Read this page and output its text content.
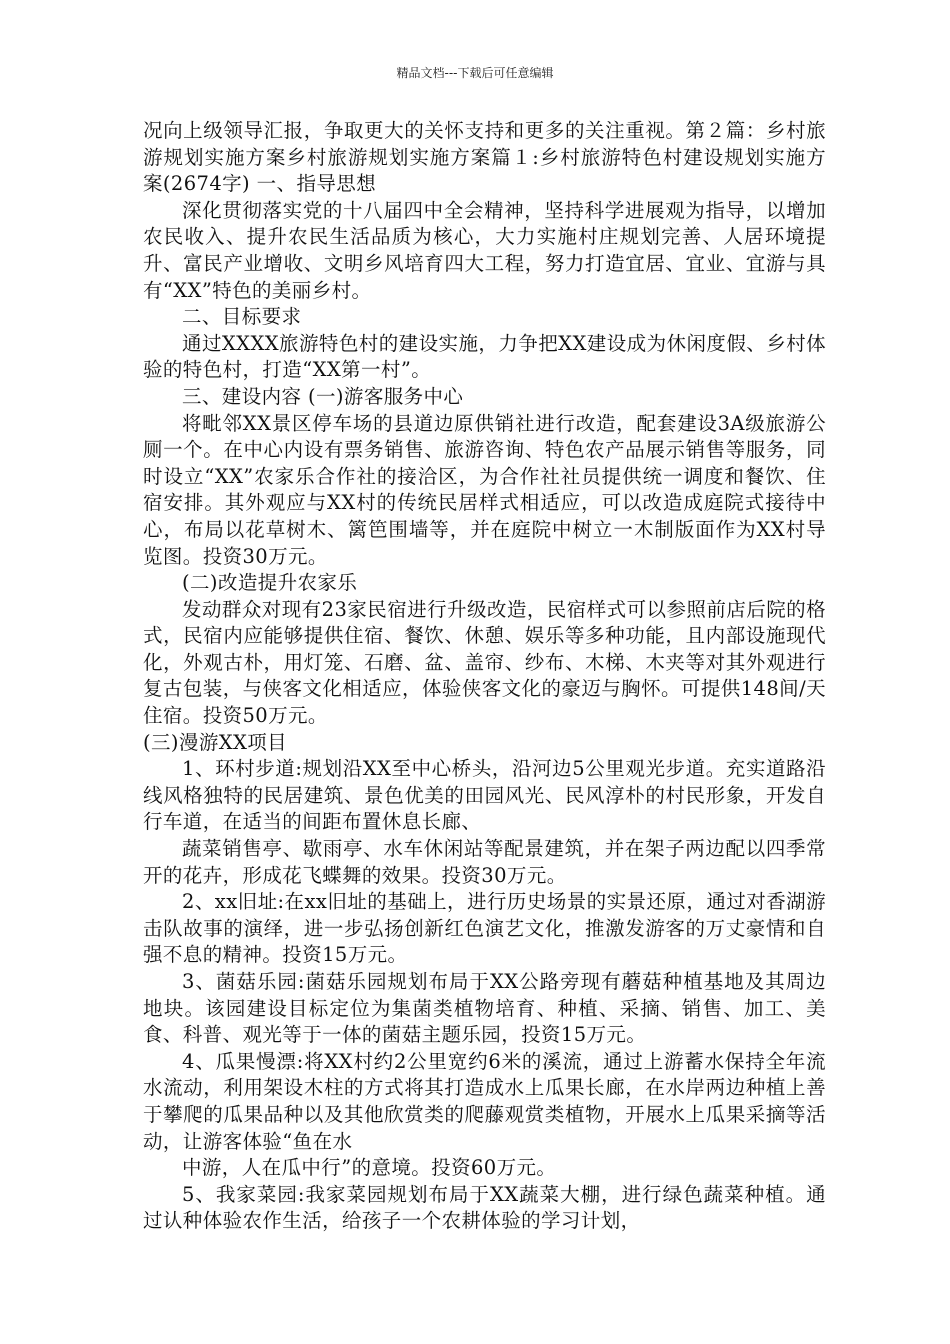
精品文档---下载后可任意编辑

况向上级领导汇报，争取更大的关怀支持和更多的关注重视。第２篇：乡村旅游规划实施方案乡村旅游规划实施方案篇１:乡村旅游特色村建设规划实施方案(2674字) 一、指导思想

深化贯彻落实党的十八届四中全会精神，坚持科学进展观为指导，以增加农民收入、提升农民生活品质为核心，大力实施村庄规划完善、人居环境提升、富民产业增收、文明乡风培育四大工程，努力打造宜居、宜业、宜游与具有“XX”特色的美丽乡村。

二、目标要求

通过XXXX旅游特色村的建设实施，力争把XX建设成为休闲度假、乡村体验的特色村，打造“XX第一村”。

三、建设内容 (一)游客服务中心

将毗邻XX景区停车场的县道边原供销社进行改造，配套建设3A级旅游公厕一个。在中心内设有票务销售、旅游咨询、特色农产品展示销售等服务，同时设立“XX”农家乐合作社的接洽区，为合作社社员提供统一调度和餐饮、住宿安排。其外观应与XX村的传统民居样式相适应，可以改造成庭院式接待中心，布局以花草树木、篱笆围墙等，并在庭院中树立一木制版面作为XX村导览图。投资30万元。

(二)改造提升农家乐

发动群众对现有23家民宿进行升级改造，民宿样式可以参照前店后院的格式，民宿内应能够提供住宿、餐饮、休憩、娱乐等多种功能，且内部设施现代化，外观古朴，用灯笼、石磨、盆、盖帘、纱布、木梯、木夹等对其外观进行复古包装，与侠客文化相适应，体验侠客文化的豪迈与胸怀。可提供148间/天住宿。投资50万元。

(三)漫游XX项目

1、环村步道:规划沿XX至中心桥头，沿河边5公里观光步道。充实道路沿线风格独特的民居建筑、景色优美的田园风光、民风淳朴的村民形象，开发自行车道，在适当的间距布置休息长廊、

蔬菜销售亭、歇雨亭、水车休闲站等配景建筑，并在架子两边配以四季常开的花卉，形成花飞蝶舞的效果。投资30万元。

2、xx旧址:在xx旧址的基础上，进行历史场景的实景还原，通过对香湖游击队故事的演绎，进一步弘扬创新红色演艺文化，推激发游客的万丈豪情和自强不息的精神。投资15万元。

3、菌菇乐园:菌菇乐园规划布局于XX公路旁现有蘑菇种植基地及其周边地块。该园建设目标定位为集菌类植物培育、种植、采摘、销售、加工、美食、科普、观光等于一体的菌菇主题乐园，投资15万元。

4、瓜果慢漂:将XX村约2公里宽约6米的溪流，通过上游蓄水保持全年流水流动，利用架设木柱的方式将其打造成水上瓜果长廊，在水岸两边种植上善于攀爬的瓜果品种以及其他欣赏类的爬藤观赏类植物，开展水上瓜果采摘等活动，让游客体验“鱼在水

中游，人在瓜中行”的意境。投资60万元。

5、我家菜园:我家菜园规划布局于XX蔬菜大棚，进行绿色蔬菜种植。通过认种体验农作生活，给孩子一个农耕体验的学习计划，
